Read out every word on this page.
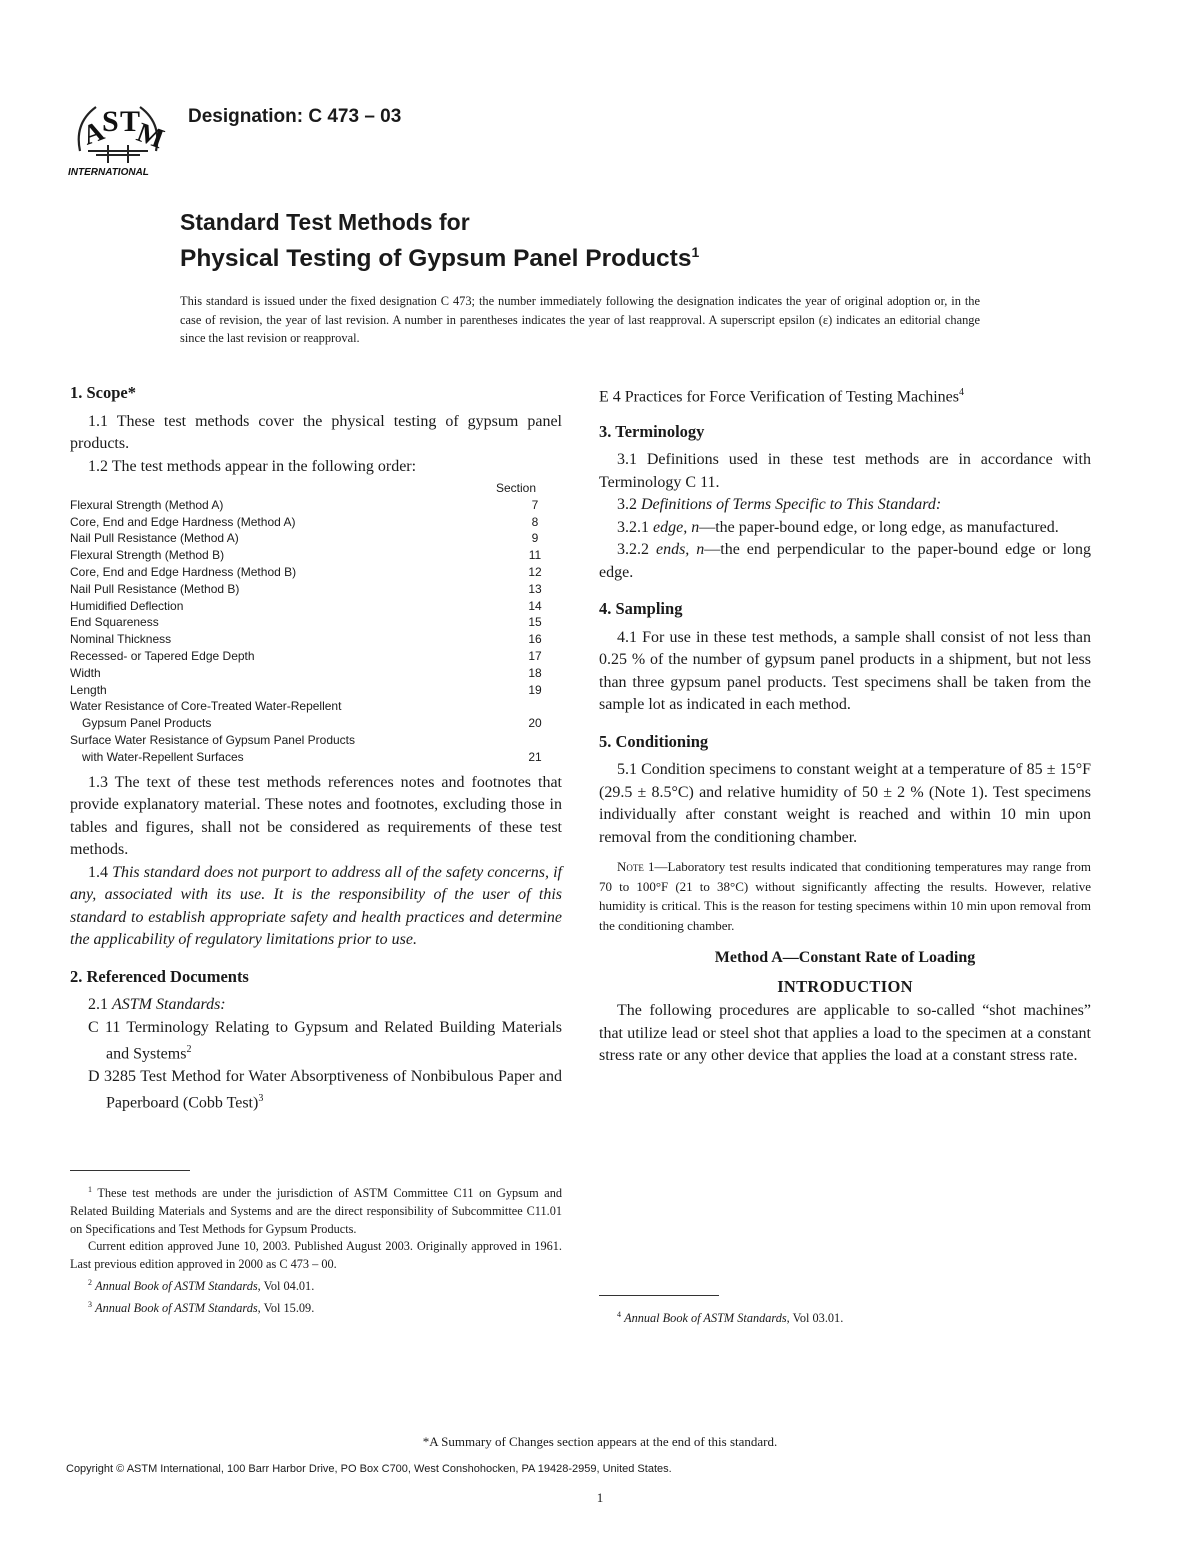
A
S T
M
INTERNATIONAL
Designation: C 473 – 03
Standard Test Methods for
Physical Testing of Gypsum Panel Products$^1$
This standard is issued under the fixed designation C 473; the number immediately following the designation indicates the year of original adoption or, in the case of revision, the year of last revision. A number in parentheses indicates the year of last reapproval. A superscript epsilon (ε) indicates an editorial change since the last revision or reapproval.
1. Scope*

1.1 These test methods cover the physical testing of gypsum panel products.

1.2 The test methods appear in the following order:

Section
Flexural Strength (Method A)	7
Core, End and Edge Hardness (Method A)	8
Nail Pull Resistance (Method A)	9
Flexural Strength (Method B)	11
Core, End and Edge Hardness (Method B)	12
Nail Pull Resistance (Method B)	13
Humidified Deflection	14
End Squareness	15
Nominal Thickness	16
Recessed- or Tapered Edge Depth	17
Width	18
Length	19
Water Resistance of Core-Treated Water-Repellent
Gypsum Panel Products	20
Surface Water Resistance of Gypsum Panel Products
with Water-Repellent Surfaces	21

1.3 The text of these test methods references notes and footnotes that provide explanatory material. These notes and footnotes, excluding those in tables and figures, shall not be considered as requirements of these test methods.

1.4 This standard does not purport to address all of the safety concerns, if any, associated with its use. It is the responsibility of the user of this standard to establish appropriate safety and health practices and determine the applicability of regulatory limitations prior to use.

2. Referenced Documents

2.1 ASTM Standards:

C 11 Terminology Relating to Gypsum and Related Building Materials and Systems$^2$

D 3285 Test Method for Water Absorptiveness of Nonbibulous Paper and Paperboard (Cobb Test)$^3$

E 4 Practices for Force Verification of Testing Machines$^4$

3. Terminology

3.1 Definitions used in these test methods are in accordance with Terminology C 11.

3.2 Definitions of Terms Specific to This Standard:

3.2.1 edge, n—the paper-bound edge, or long edge, as manufactured.

3.2.2 ends, n—the end perpendicular to the paper-bound edge or long edge.

4. Sampling

4.1 For use in these test methods, a sample shall consist of not less than 0.25 % of the number of gypsum panel products in a shipment, but not less than three gypsum panel products. Test specimens shall be taken from the sample lot as indicated in each method.

5. Conditioning

5.1 Condition specimens to constant weight at a temperature of 85 ± 15°F (29.5 ± 8.5°C) and relative humidity of 50 ± 2 % (Note 1). Test specimens individually after constant weight is reached and within 10 min upon removal from the conditioning chamber.

Note 1—Laboratory test results indicated that conditioning temperatures may range from 70 to 100°F (21 to 38°C) without significantly affecting the results. However, relative humidity is critical. This is the reason for testing specimens within 10 min upon removal from the conditioning chamber.
Method A—Constant Rate of Loading
INTRODUCTION

The following procedures are applicable to so-called “shot machines” that utilize lead or steel shot that applies a load to the specimen at a constant stress rate or any other device that applies the load at a constant stress rate.

$^1$ These test methods are under the jurisdiction of ASTM Committee C11 on Gypsum and Related Building Materials and Systems and are the direct responsibility of Subcommittee C11.01 on Specifications and Test Methods for Gypsum Products.

Current edition approved June 10, 2003. Published August 2003. Originally approved in 1961. Last previous edition approved in 2000 as C 473 – 00.

$^2$ Annual Book of ASTM Standards, Vol 04.01.

$^3$ Annual Book of ASTM Standards, Vol 15.09.	$^4$ Annual Book of ASTM Standards, Vol 03.01.

*A Summary of Changes section appears at the end of this standard.
Copyright © ASTM International, 100 Barr Harbor Drive, PO Box C700, West Conshohocken, PA 19428-2959, United States.
1
